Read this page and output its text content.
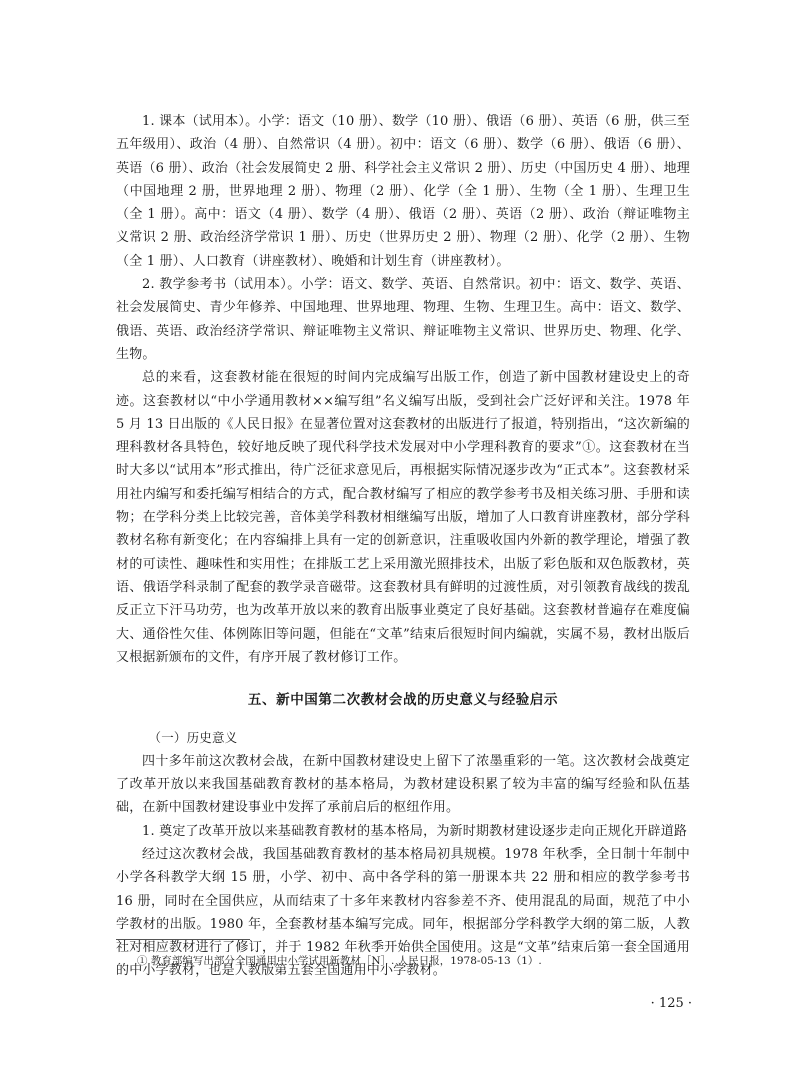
1. 课本（试用本）。小学：语文（10 册）、数学（10 册）、俄语（6 册）、英语（6 册，供三至五年级用）、政治（4 册）、自然常识（4 册）。初中：语文（6 册）、数学（6 册）、俄语（6 册）、英语（6 册）、政治（社会发展简史 2 册、科学社会主义常识 2 册）、历史（中国历史 4 册）、地理（中国地理 2 册，世界地理 2 册）、物理（2 册）、化学（全 1 册）、生物（全 1 册）、生理卫生（全 1 册）。高中：语文（4 册）、数学（4 册）、俄语（2 册）、英语（2 册）、政治（辩证唯物主义常识 2 册、政治经济学常识 1 册）、历史（世界历史 2 册）、物理（2 册）、化学（2 册）、生物（全 1 册）、人口教育（讲座教材）、晚婚和计划生育（讲座教材）。

2. 教学参考书（试用本）。小学：语文、数学、英语、自然常识。初中：语文、数学、英语、社会发展简史、青少年修养、中国地理、世界地理、物理、生物、生理卫生。高中：语文、数学、俄语、英语、政治经济学常识、辩证唯物主义常识、辩证唯物主义常识、世界历史、物理、化学、生物。

总的来看，这套教材能在很短的时间内完成编写出版工作，创造了新中国教材建设史上的奇迹。这套教材以“中小学通用教材××编写组”名义编写出版，受到社会广泛好评和关注。1978 年 5 月 13 日出版的《人民日报》在显著位置对这套教材的出版进行了报道，特别指出，“这次新编的理科教材各具特色，较好地反映了现代科学技术发展对中小学理科教育的要求”①。这套教材在当时大多以“试用本”形式推出，待广泛征求意见后，再根据实际情况逐步改为“正式本”。这套教材采用社内编写和委托编写相结合的方式，配合教材编写了相应的教学参考书及相关练习册、手册和读物；在学科分类上比较完善，音体美学科教材相继编写出版，增加了人口教育讲座教材，部分学科教材名称有新变化；在内容编排上具有一定的创新意识，注重吸收国内外新的教学理论，增强了教材的可读性、趣味性和实用性；在排版工艺上采用激光照排技术，出版了彩色版和双色版教材，英语、俄语学科录制了配套的教学录音磁带。这套教材具有鲜明的过渡性质，对引领教育战线的拨乱反正立下汗马功劳，也为改革开放以来的教育出版事业奠定了良好基础。这套教材普遍存在难度偏大、通俗性欠佳、体例陈旧等问题，但能在“文革”结束后很短时间内编就，实属不易，教材出版后又根据新颁布的文件，有序开展了教材修订工作。

五、新中国第二次教材会战的历史意义与经验启示

（一）历史意义

四十多年前这次教材会战，在新中国教材建设史上留下了浓墨重彩的一笔。这次教材会战奠定了改革开放以来我国基础教育教材的基本格局，为教材建设积累了较为丰富的编写经验和队伍基础，在新中国教材建设事业中发挥了承前启后的枢纽作用。

1. 奠定了改革开放以来基础教育教材的基本格局，为新时期教材建设逐步走向正规化开辟道路

经过这次教材会战，我国基础教育教材的基本格局初具规模。1978 年秋季，全日制十年制中小学各科教学大纲 15 册，小学、初中、高中各学科的第一册课本共 22 册和相应的教学参考书 16 册，同时在全国供应，从而结束了十多年来教材内容参差不齐、使用混乱的局面，规范了中小学教材的出版。1980 年，全套教材基本编写完成。同年，根据部分学科教学大纲的第二版，人教社对相应教材进行了修订，并于 1982 年秋季开始供全国使用。这是“文革”结束后第一套全国通用的中小学教材，也是人教版第五套全国通用中小学教材。

① 教育部编写出部分全国通用中小学试用新教材［N］. 人民日报，1978-05-13（1）.
· 125 ·
